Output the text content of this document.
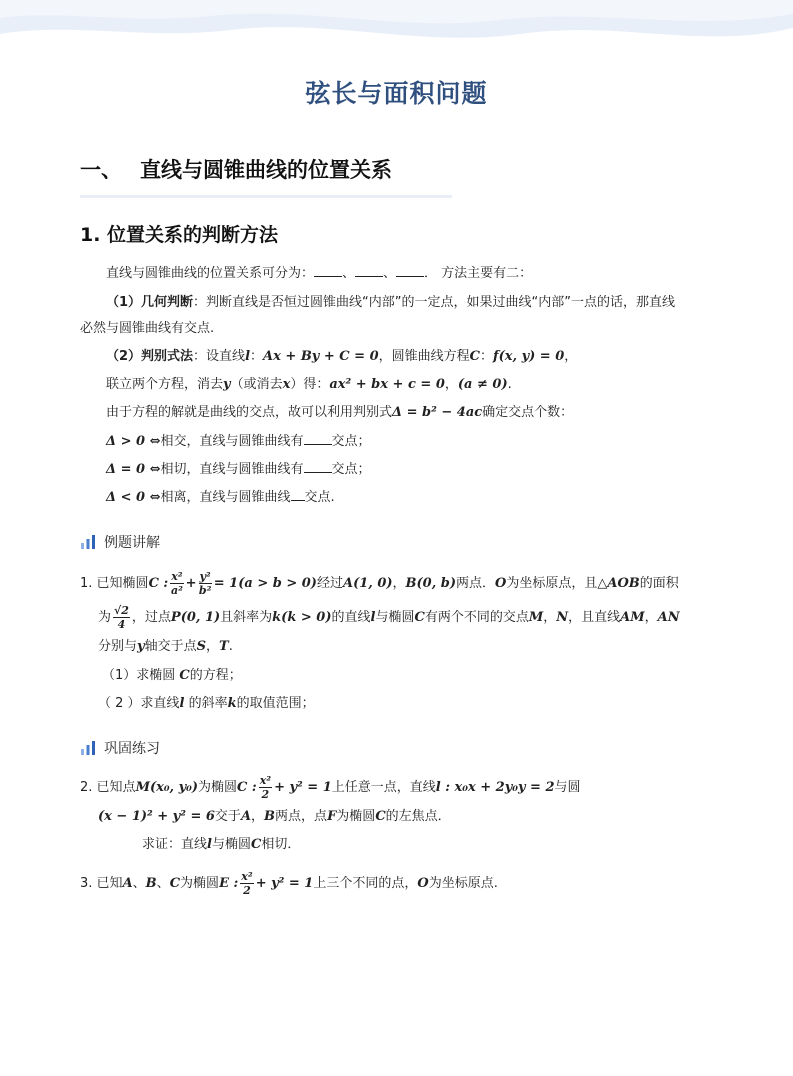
弦长与面积问题
一、 直线与圆锥曲线的位置关系
1. 位置关系的判断方法
直线与圆锥曲线的位置关系可分为： 、 、 ． 方法主要有二：
（1）几何判断：判断直线是否恒过圆锥曲线“内部”的一定点，如果过曲线“内部”一点的话，那直线
必然与圆锥曲线有交点.
（2）判别式法：设直线l：Ax + By + C = 0，圆锥曲线方程C：f(x, y) = 0，
联立两个方程，消去y（或消去x）得：ax² + bx + c = 0，(a ≠ 0).
由于方程的解就是曲线的交点，故可以利用判别式Δ = b² − 4ac确定交点个数：
Δ > 0 ⇔相交，直线与圆锥曲线有 交点；
Δ = 0 ⇔相切，直线与圆锥曲线有 交点；
Δ < 0 ⇔相离，直线与圆锥曲线 交点.
例题讲解
1. 已知椭圆C : $\frac{\text{x²}}{\text{a²}} + \frac{\text{y²}}{\text{b²}} = 1(a > b > 0)$经过A(1, 0)，B(0, b)两点．O为坐标原点，且△AOB的面积
为 $\frac{√2}{4}$ ，过点P(0, 1)且斜率为k(k > 0)的直线l与椭圆C有两个不同的交点M，N，且直线AM，AN
分别与y轴交于点S，T.
（1）求椭圆 C的方程；
（ 2 ）求直线l 的斜率k的取值范围；
巩固练习
2. 已知点M(x₀, y₀)为椭圆C : $\frac{\text{x²}}{2} + y^2 = 1$上任意一点，直线l : x₀x + 2y₀y = 2与圆
(x − 1)² + y² = 6交于A，B两点，点F为椭圆C的左焦点．
求证：直线l与椭圆C相切．
3. 已知A、B、C为椭圆E : $\frac{\text{x²}}{2} + y^2 = 1$上三个不同的点，O为坐标原点.
